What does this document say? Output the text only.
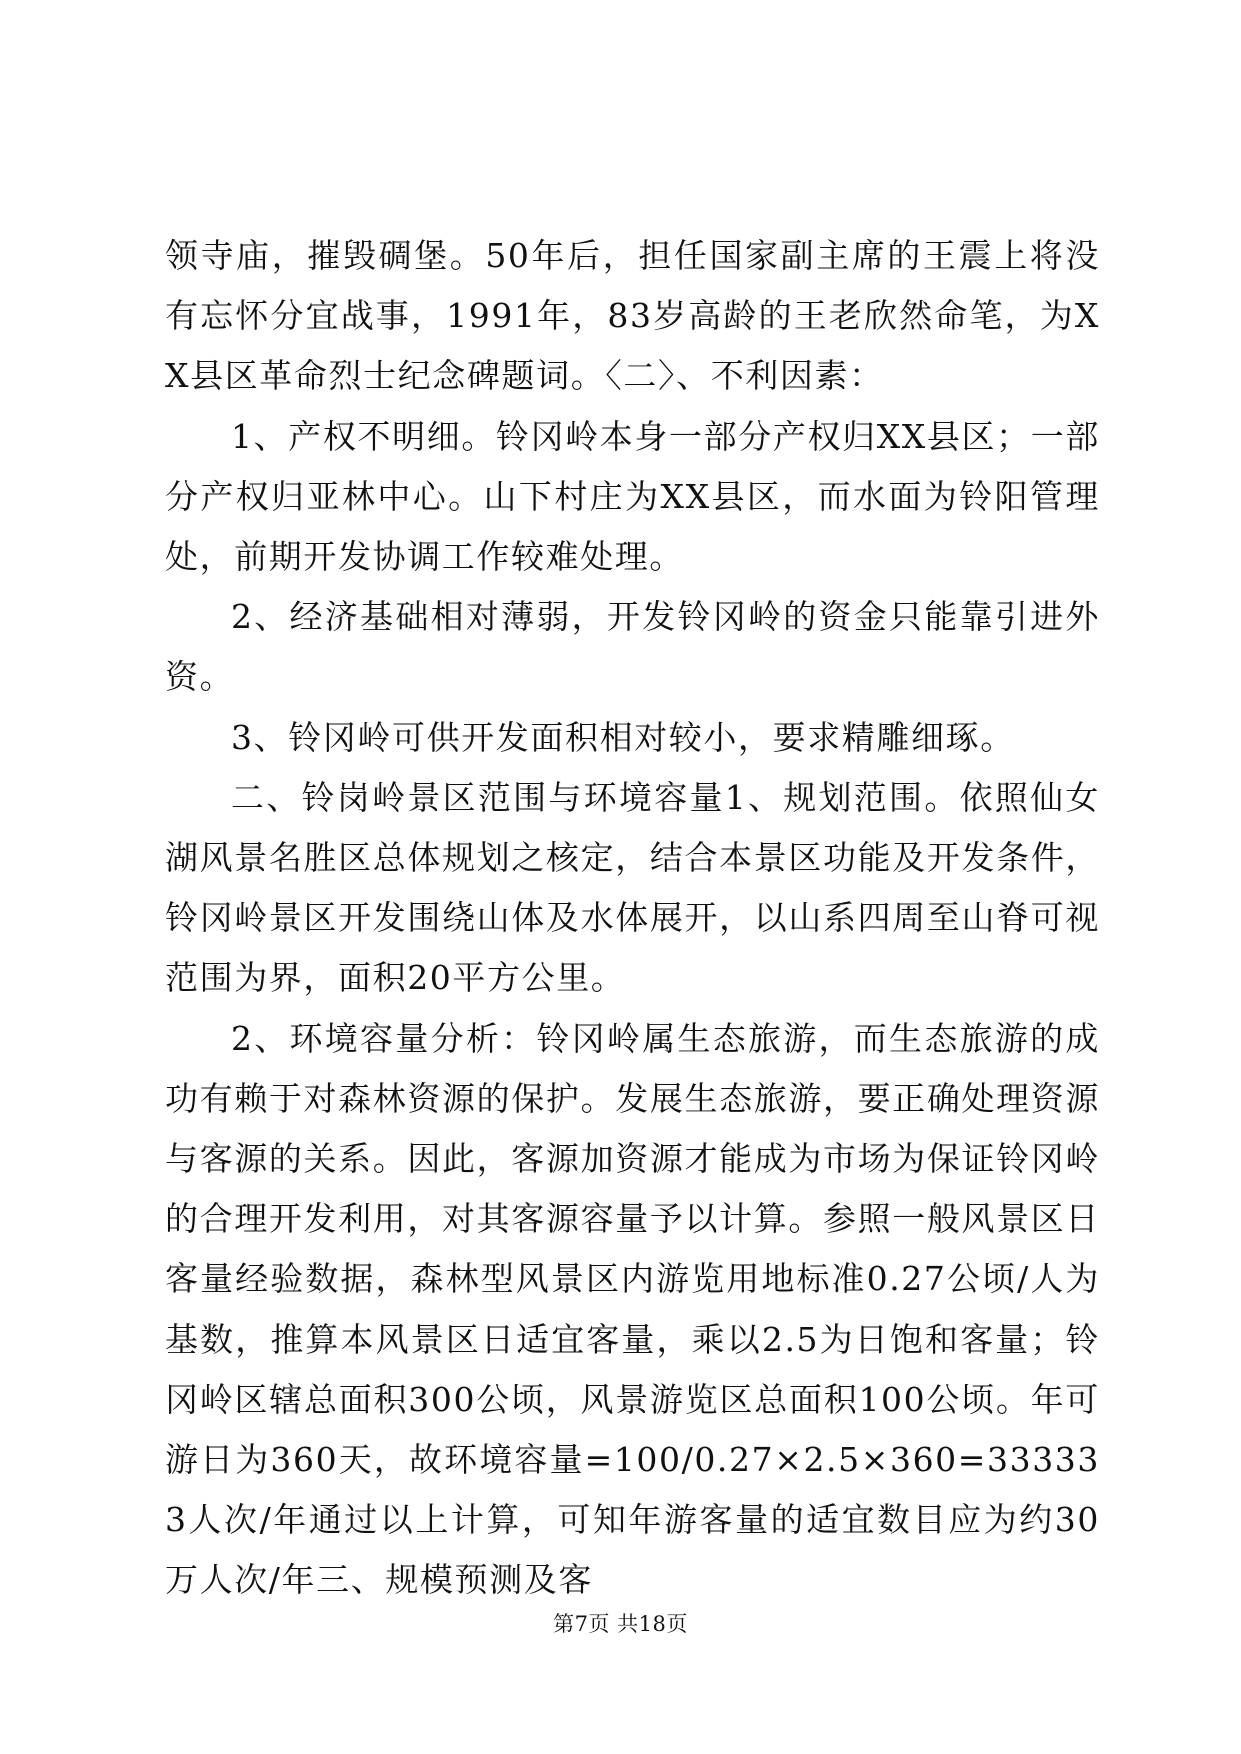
领寺庙，摧毁碉堡。50年后，担任国家副主席的王震上将没有忘怀分宜战事，1991年，83岁高龄的王老欣然命笔，为XX县区革命烈士纪念碑题词。〈二〉、不利因素：

1、产权不明细。铃冈岭本身一部分产权归XX县区；一部分产权归亚林中心。山下村庄为XX县区，而水面为铃阳管理处，前期开发协调工作较难处理。

2、经济基础相对薄弱，开发铃冈岭的资金只能靠引进外资。

3、铃冈岭可供开发面积相对较小，要求精雕细琢。

二、铃岗岭景区范围与环境容量1、规划范围。依照仙女湖风景名胜区总体规划之核定，结合本景区功能及开发条件，铃冈岭景区开发围绕山体及水体展开，以山系四周至山脊可视范围为界，面积20平方公里。

2、环境容量分析：铃冈岭属生态旅游，而生态旅游的成功有赖于对森林资源的保护。发展生态旅游，要正确处理资源与客源的关系。因此，客源加资源才能成为市场为保证铃冈岭的合理开发利用，对其客源容量予以计算。参照一般风景区日客量经验数据，森林型风景区内游览用地标准0.27公顷/人为基数，推算本风景区日适宜客量，乘以2.5为日饱和客量；铃冈岭区辖总面积300公顷，风景游览区总面积100公顷。年可游日为360天，故环境容量=100/0.27×2.5×360=333333人次/年通过以上计算，可知年游客量的适宜数目应为约30万人次/年三、规模预测及客

第7页 共18页
